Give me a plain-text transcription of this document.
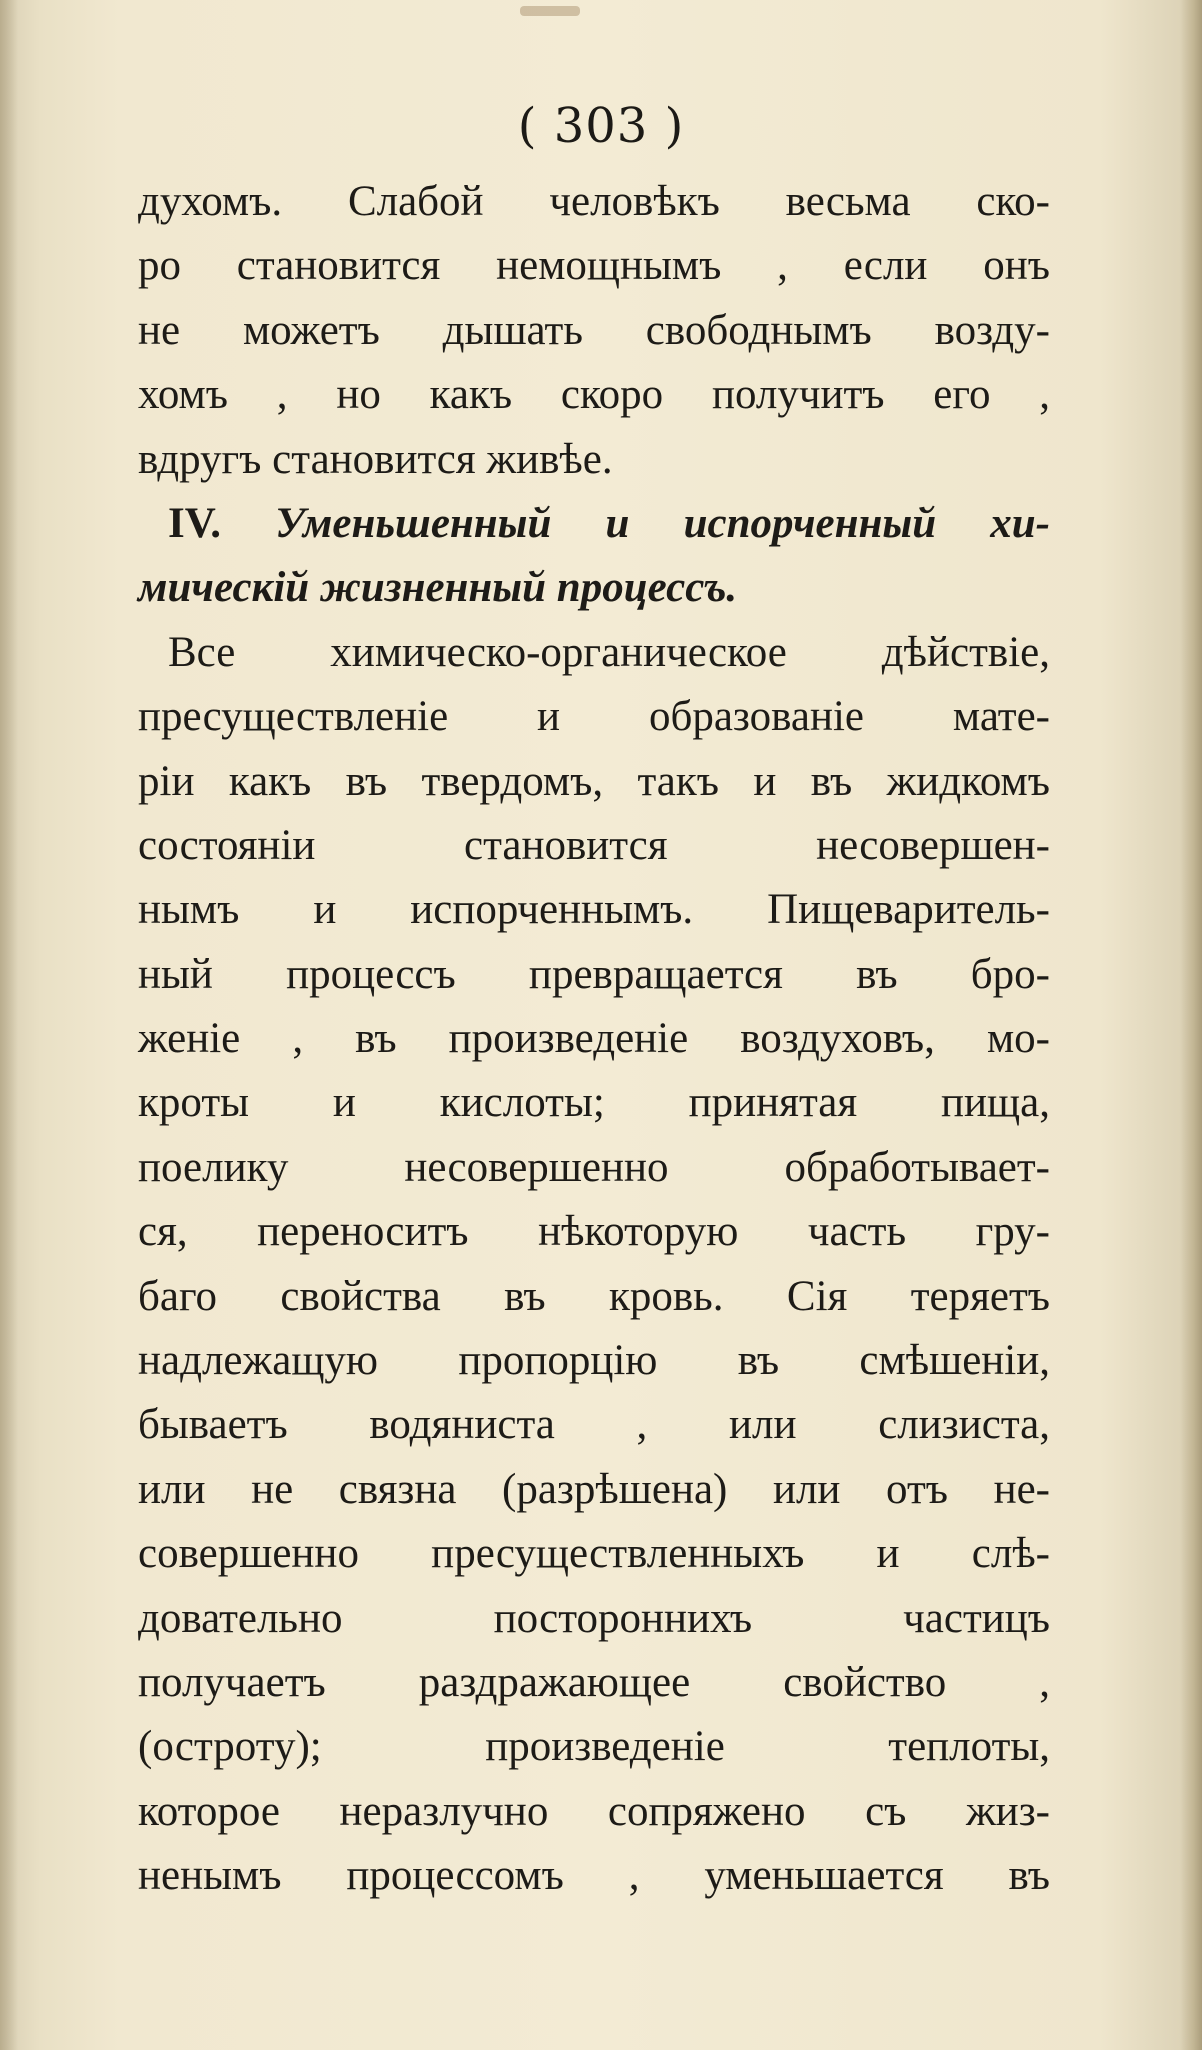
( 303 )
духомъ. Слабой человѣкъ весьма ско-
ро становится немощнымъ , если онъ
не можетъ дышать свободнымъ возду-
хомъ , но какъ скоро получитъ его ,
вдругъ становится живѣе.
IV. Уменьшенный и испорченный хи-
мическій жизненный процессъ.
Все химическо-органическое дѣйствіе,
пресуществленіе и образованіе мате-
ріи какъ въ твердомъ, такъ и въ жидкомъ
состояніи становится несовершен-
нымъ и испорченнымъ. Пищеваритель-
ный процессъ превращается въ бро-
женіе , въ произведеніе воздуховъ, мо-
кроты и кислоты; принятая пища,
поелику несовершенно обработывает-
ся, переноситъ нѣкоторую часть гру-
баго свойства въ кровь. Сія теряетъ
надлежащую пропорцію въ смѣшеніи,
бываетъ водяниста , или слизиста,
или не связна (разрѣшена) или отъ не-
совершенно пресуществленныхъ и слѣ-
довательно постороннихъ частицъ
получаетъ раздражающее свойство ,
(остроту); произведеніе теплоты,
которое неразлучно сопряжено съ жиз-
ненымъ процессомъ , уменьшается въ
